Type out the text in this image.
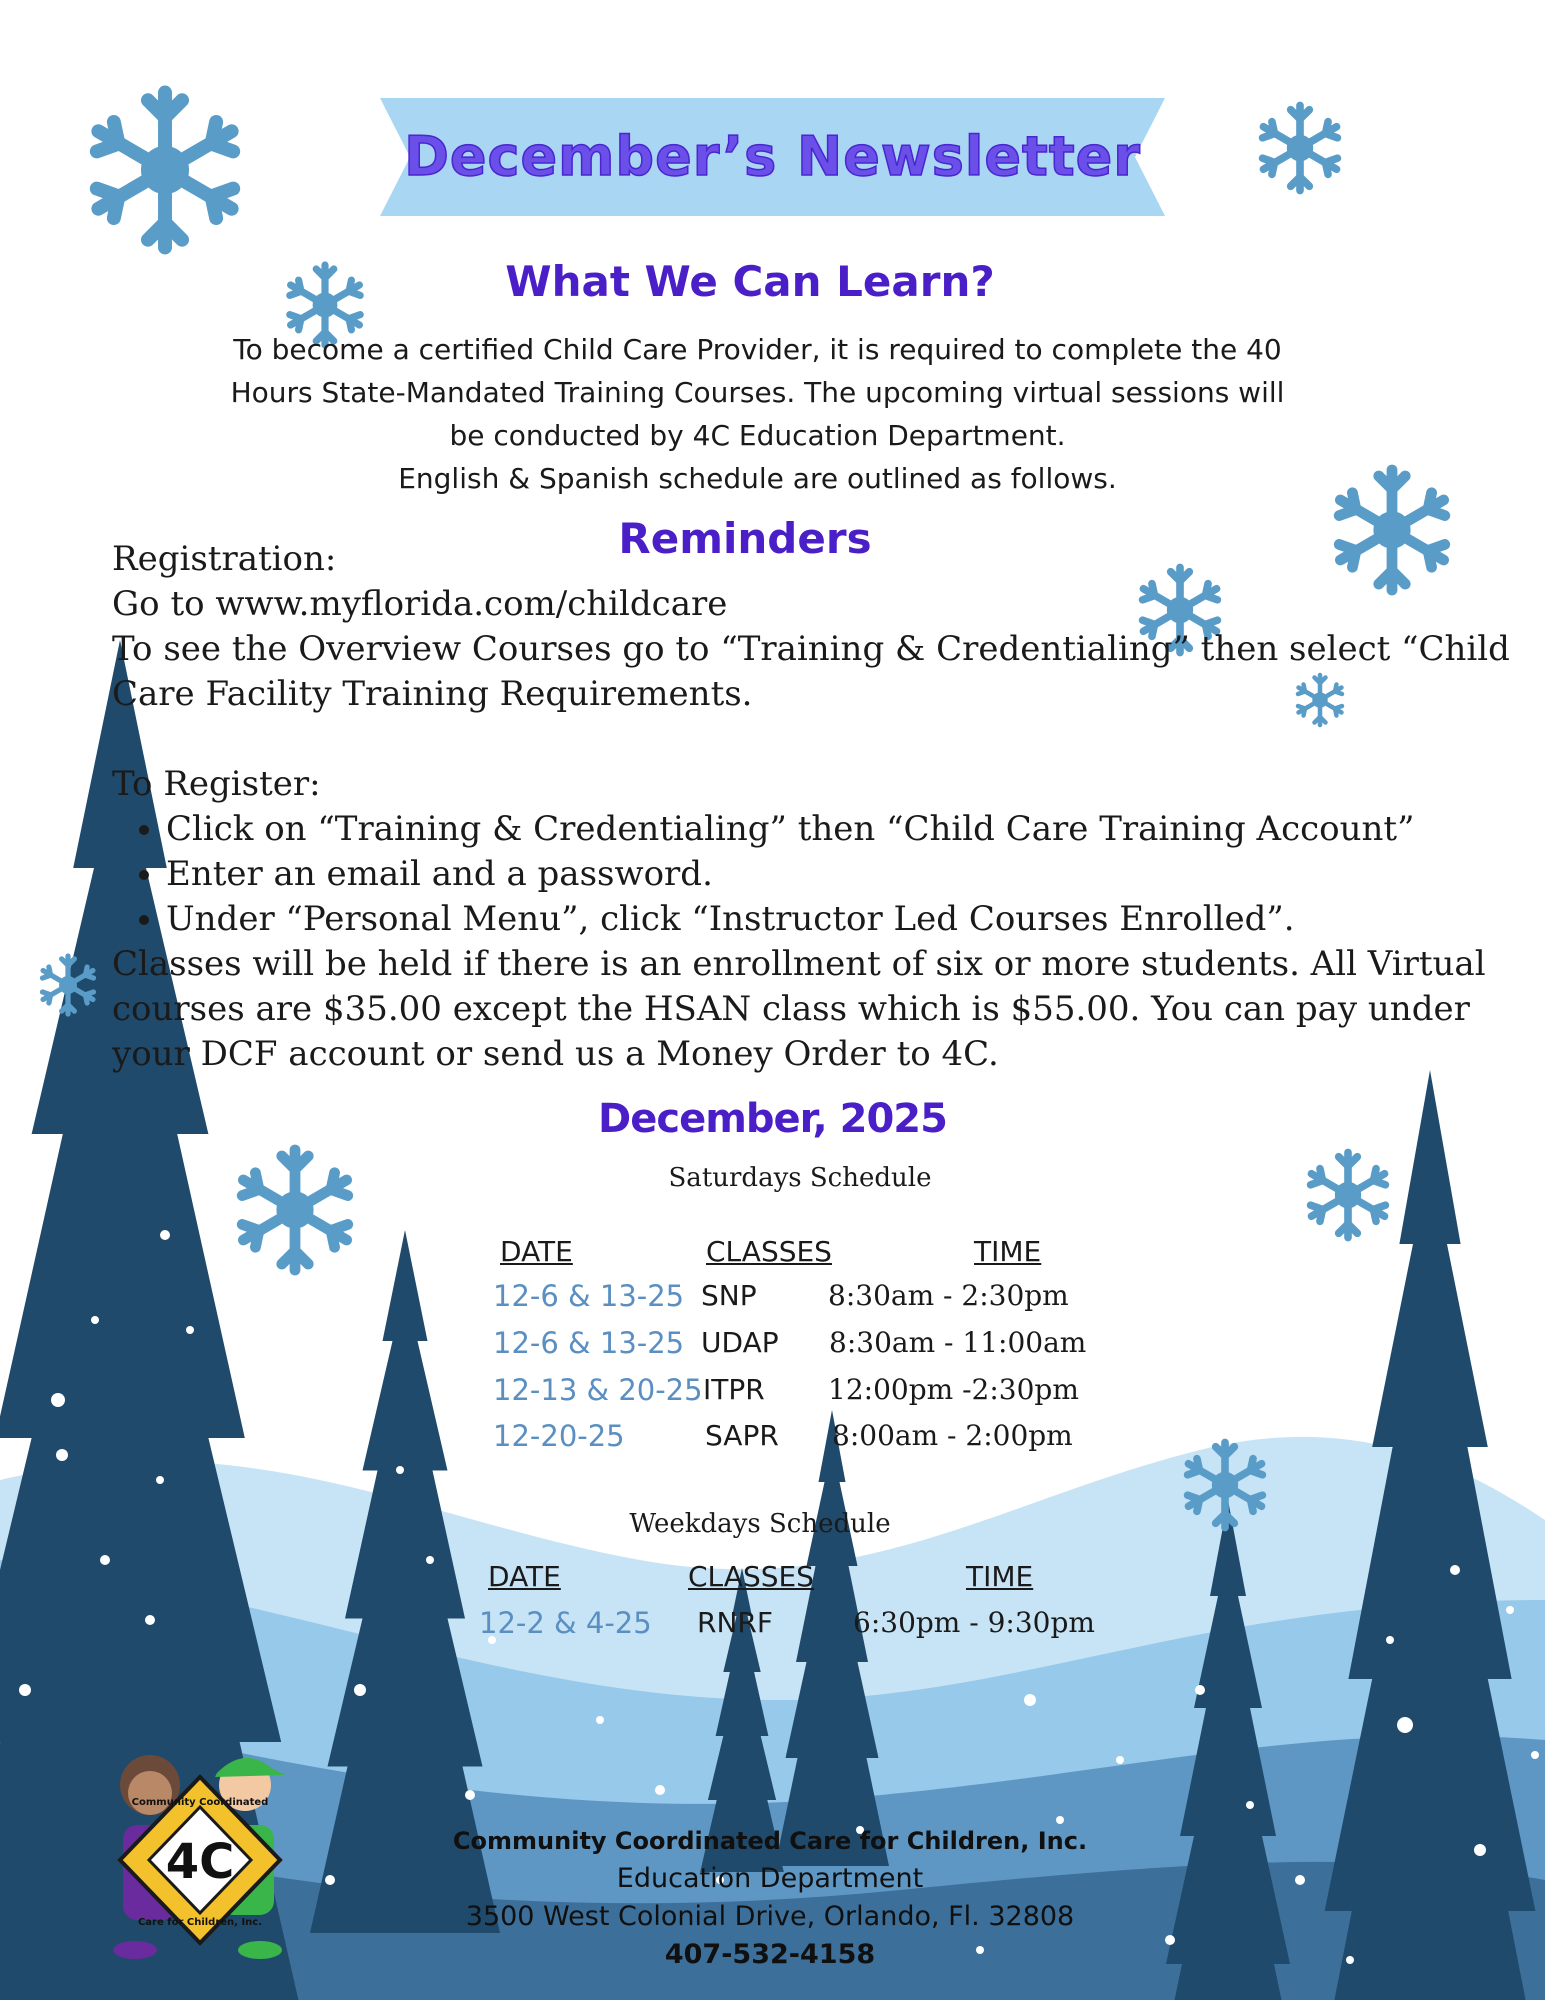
December’s Newsletter
What We Can Learn?
To become a certified Child Care Provider, it is required to complete the 40
Hours State-Mandated Training Courses. The upcoming virtual sessions will
be conducted by 4C Education Department.
English & Spanish schedule are outlined as follows.
Reminders

Registration:

Go to www.myflorida.com/childcare

To see the Overview Courses go to “Training & Credentialing” then select “Child Care Facility Training Requirements.

To Register:

• Click on “Training & Credentialing” then “Child Care Training Account”
• Enter an email and a password.
• Under “Personal Menu”, click “Instructor Led Courses Enrolled”.

Classes will be held if there is an enrollment of six or more students. All Virtual courses are $35.00 except the HSAN class which is $55.00. You can pay under your DCF account or send us a Money Order to 4C.

December, 2025
Saturdays Schedule
DATE	CLASSES	TIME
12-6 & 13-25 SNP	8:30am - 2:30pm
12-6 & 13-25 UDAP 8:30am - 11:00am
12-13 & 20-25 ITPR 12:00pm -2:30pm
12-20-25	SAPR 8:00am - 2:00pm
Weekdays Schedule
DATE	CLASSES	TIME
12-2 & 4-25 RNRF	6:30pm - 9:30pm
4C
Community Coordinated
Care for Children, Inc.
Community Coordinated Care for Children, Inc.
Education Department
3500 West Colonial Drive, Orlando, Fl. 32808
407-532-4158
